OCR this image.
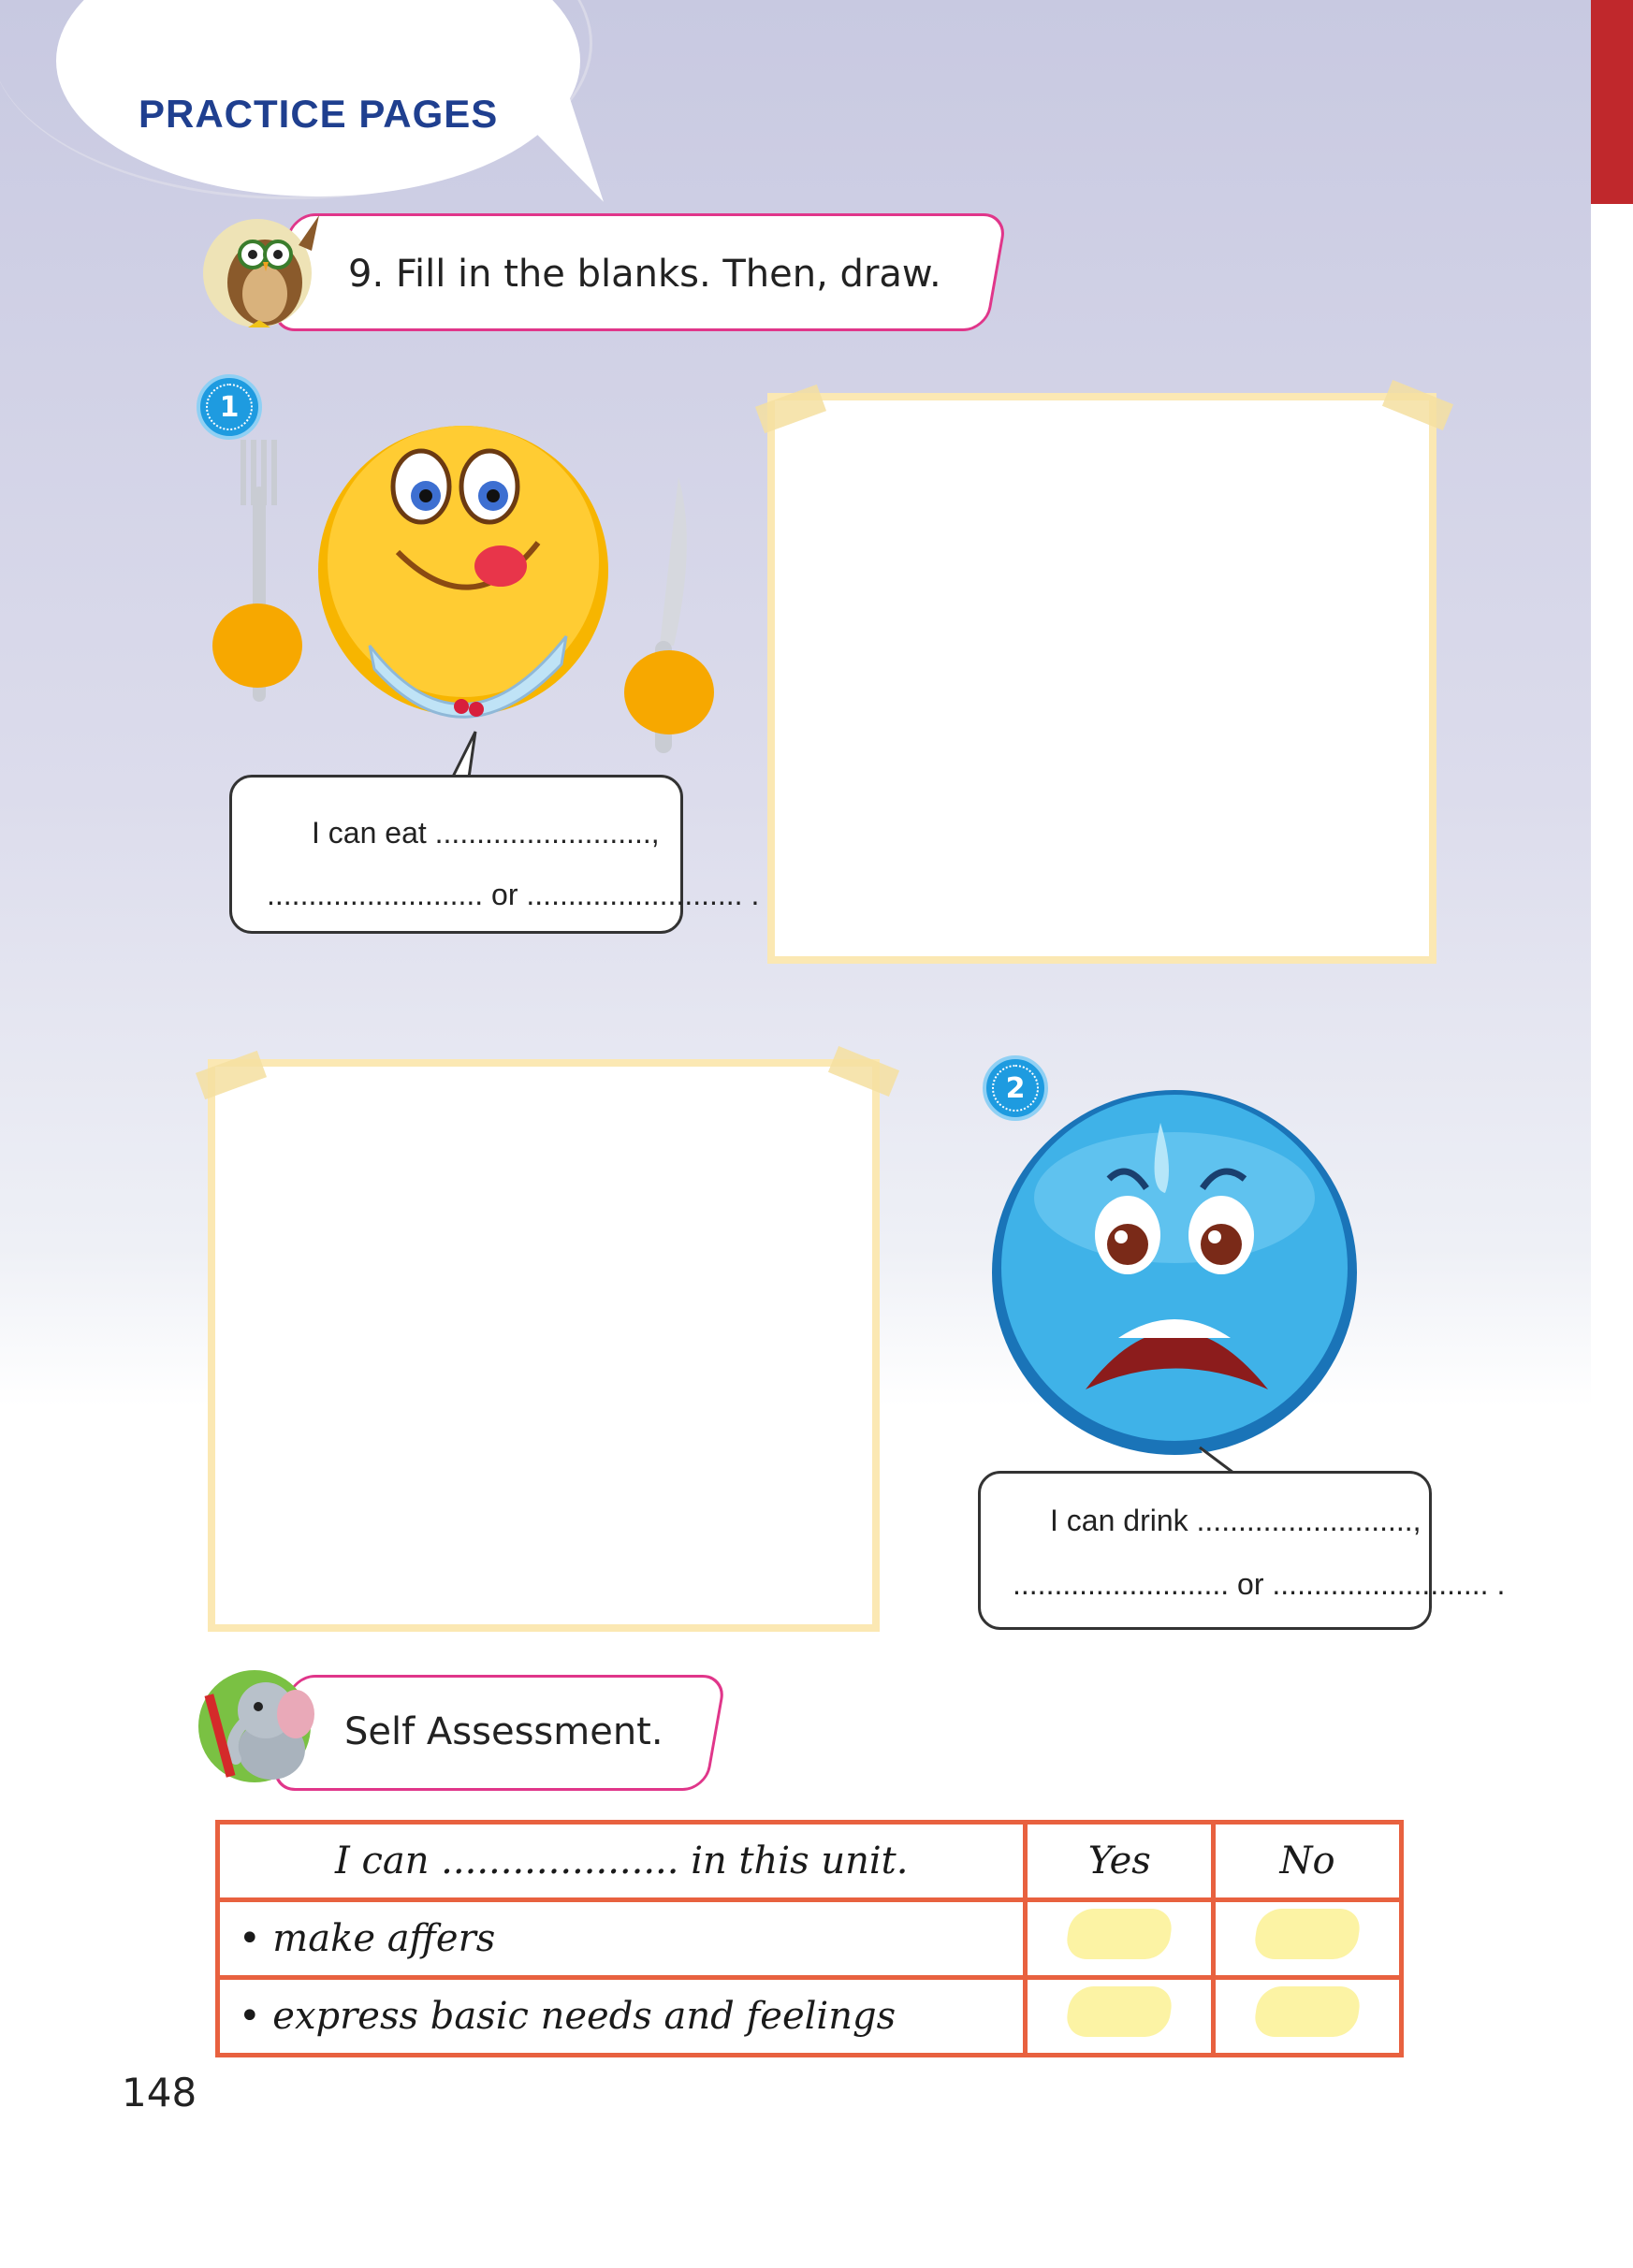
PRACTICE PAGES
9. Fill in the blanks. Then, draw.
1
I can eat ..........................,
.......................... or .......................... .
2
I can drink ..........................,
.......................... or .......................... .
Self Assessment.
I can .................... in this unit.	Yes	No
• make affers		
• express basic needs and feelings		
148
